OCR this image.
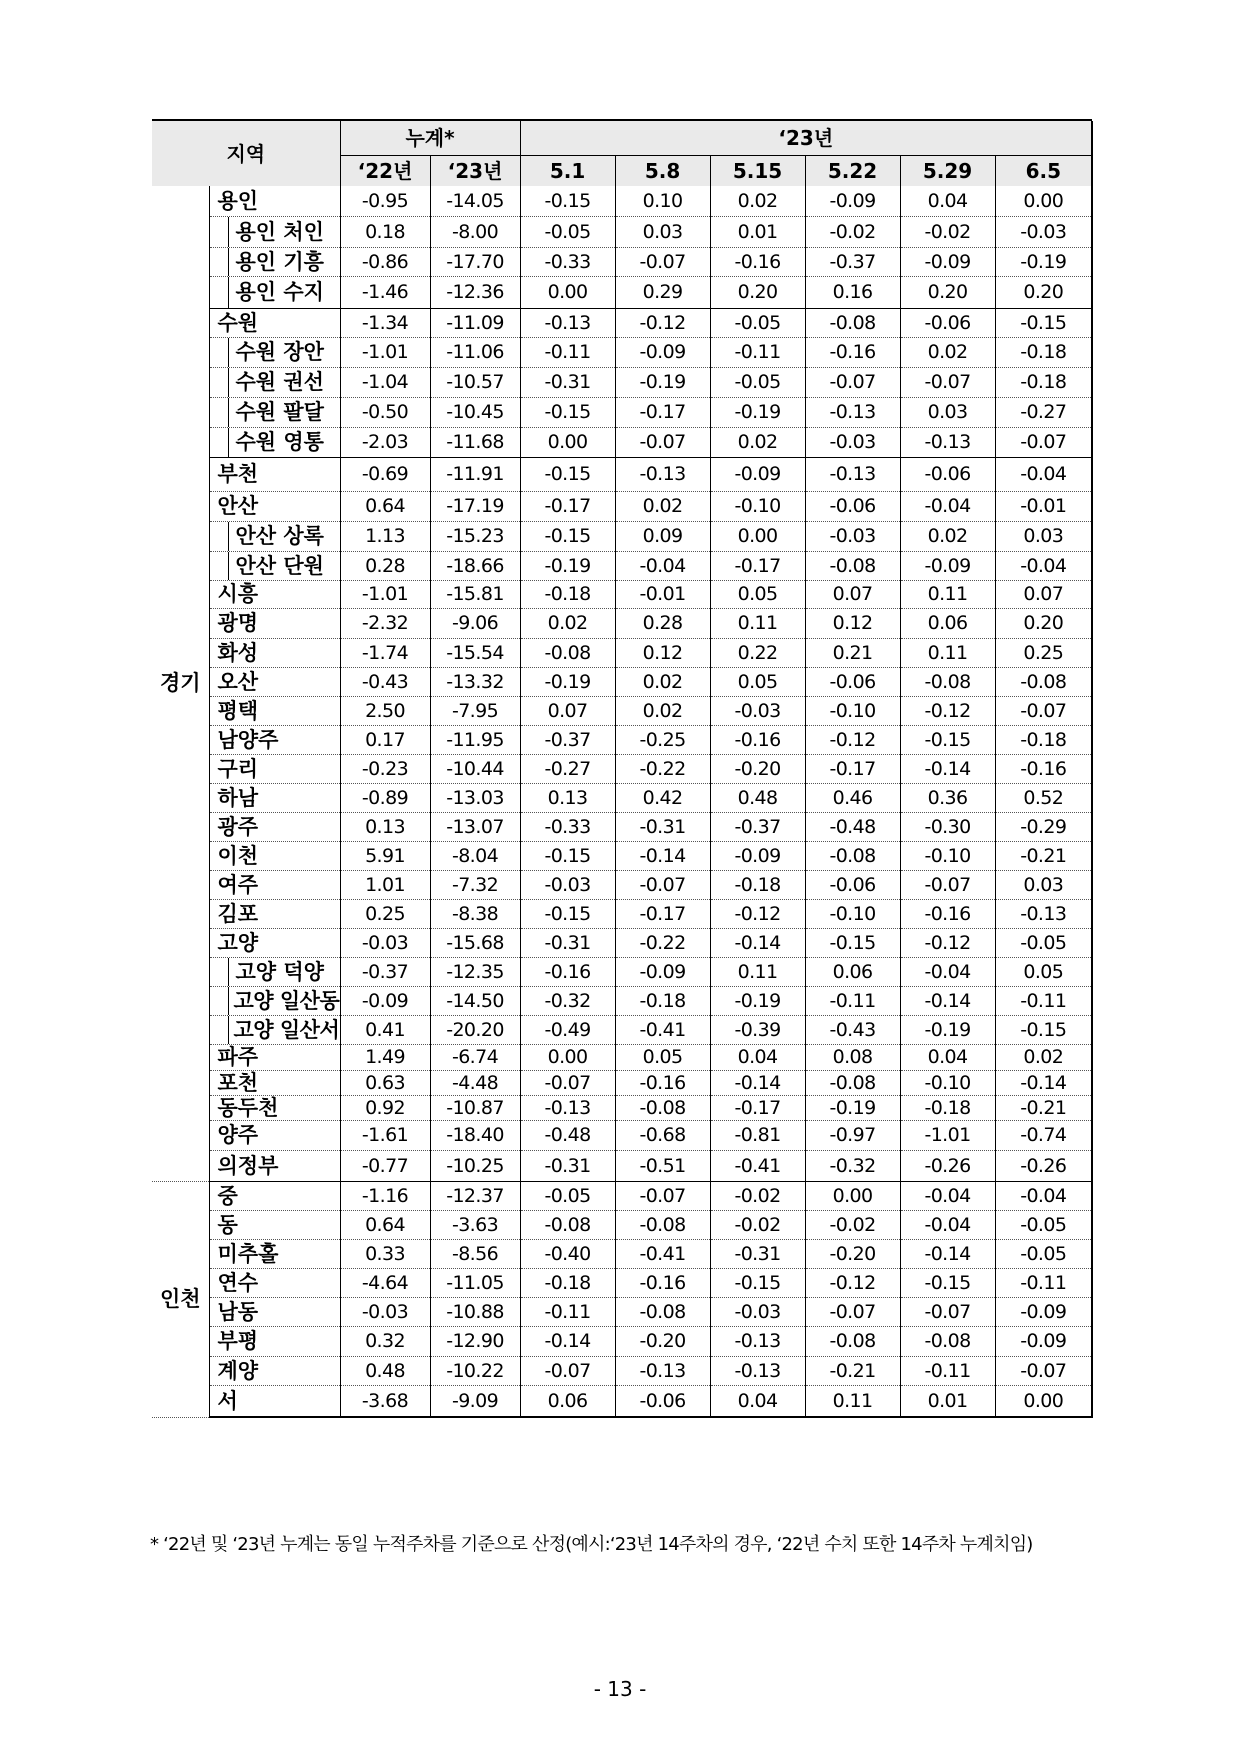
지역		누계*		‘23년					
		‘22년	‘23년	5.1	5.8	5.15	5.22	5.29	6.5
경기	용인	-0.95	-14.05	-0.15	0.10	0.02	-0.09	0.04	0.00
	용인 처인	0.18	-8.00	-0.05	0.03	0.01	-0.02	-0.02	-0.03
	용인 기흥	-0.86	-17.70	-0.33	-0.07	-0.16	-0.37	-0.09	-0.19
	용인 수지	-1.46	-12.36	0.00	0.29	0.20	0.16	0.20	0.20
	수원	-1.34	-11.09	-0.13	-0.12	-0.05	-0.08	-0.06	-0.15
	수원 장안	-1.01	-11.06	-0.11	-0.09	-0.11	-0.16	0.02	-0.18
	수원 권선	-1.04	-10.57	-0.31	-0.19	-0.05	-0.07	-0.07	-0.18
	수원 팔달	-0.50	-10.45	-0.15	-0.17	-0.19	-0.13	0.03	-0.27
	수원 영통	-2.03	-11.68	0.00	-0.07	0.02	-0.03	-0.13	-0.07
	부천	-0.69	-11.91	-0.15	-0.13	-0.09	-0.13	-0.06	-0.04
	안산	0.64	-17.19	-0.17	0.02	-0.10	-0.06	-0.04	-0.01
	안산 상록	1.13	-15.23	-0.15	0.09	0.00	-0.03	0.02	0.03
	안산 단원	0.28	-18.66	-0.19	-0.04	-0.17	-0.08	-0.09	-0.04
	시흥	-1.01	-15.81	-0.18	-0.01	0.05	0.07	0.11	0.07
	광명	-2.32	-9.06	0.02	0.28	0.11	0.12	0.06	0.20
	화성	-1.74	-15.54	-0.08	0.12	0.22	0.21	0.11	0.25
	오산	-0.43	-13.32	-0.19	0.02	0.05	-0.06	-0.08	-0.08
	평택	2.50	-7.95	0.07	0.02	-0.03	-0.10	-0.12	-0.07
	남양주	0.17	-11.95	-0.37	-0.25	-0.16	-0.12	-0.15	-0.18
	구리	-0.23	-10.44	-0.27	-0.22	-0.20	-0.17	-0.14	-0.16
	하남	-0.89	-13.03	0.13	0.42	0.48	0.46	0.36	0.52
	광주	0.13	-13.07	-0.33	-0.31	-0.37	-0.48	-0.30	-0.29
	이천	5.91	-8.04	-0.15	-0.14	-0.09	-0.08	-0.10	-0.21
	여주	1.01	-7.32	-0.03	-0.07	-0.18	-0.06	-0.07	0.03
	김포	0.25	-8.38	-0.15	-0.17	-0.12	-0.10	-0.16	-0.13
	고양	-0.03	-15.68	-0.31	-0.22	-0.14	-0.15	-0.12	-0.05
	고양 덕양	-0.37	-12.35	-0.16	-0.09	0.11	0.06	-0.04	0.05
	고양 일산동	-0.09	-14.50	-0.32	-0.18	-0.19	-0.11	-0.14	-0.11
	고양 일산서	0.41	-20.20	-0.49	-0.41	-0.39	-0.43	-0.19	-0.15
	파주	1.49	-6.74	0.00	0.05	0.04	0.08	0.04	0.02
	포천	0.63	-4.48	-0.07	-0.16	-0.14	-0.08	-0.10	-0.14
	동두천	0.92	-10.87	-0.13	-0.08	-0.17	-0.19	-0.18	-0.21
	양주	-1.61	-18.40	-0.48	-0.68	-0.81	-0.97	-1.01	-0.74
	의정부	-0.77	-10.25	-0.31	-0.51	-0.41	-0.32	-0.26	-0.26
인천	중	-1.16	-12.37	-0.05	-0.07	-0.02	0.00	-0.04	-0.04
	동	0.64	-3.63	-0.08	-0.08	-0.02	-0.02	-0.04	-0.05
	미추홀	0.33	-8.56	-0.40	-0.41	-0.31	-0.20	-0.14	-0.05
	연수	-4.64	-11.05	-0.18	-0.16	-0.15	-0.12	-0.15	-0.11
	남동	-0.03	-10.88	-0.11	-0.08	-0.03	-0.07	-0.07	-0.09
	부평	0.32	-12.90	-0.14	-0.20	-0.13	-0.08	-0.08	-0.09
	계양	0.48	-10.22	-0.07	-0.13	-0.13	-0.21	-0.11	-0.07
	서	-3.68	-9.09	0.06	-0.06	0.04	0.11	0.01	0.00
* ‘22년 및 ‘23년 누계는 동일 누적주차를 기준으로 산정(예시:‘23년 14주차의 경우, ‘22년 수치 또한 14주차 누계치임)
- 13 -
